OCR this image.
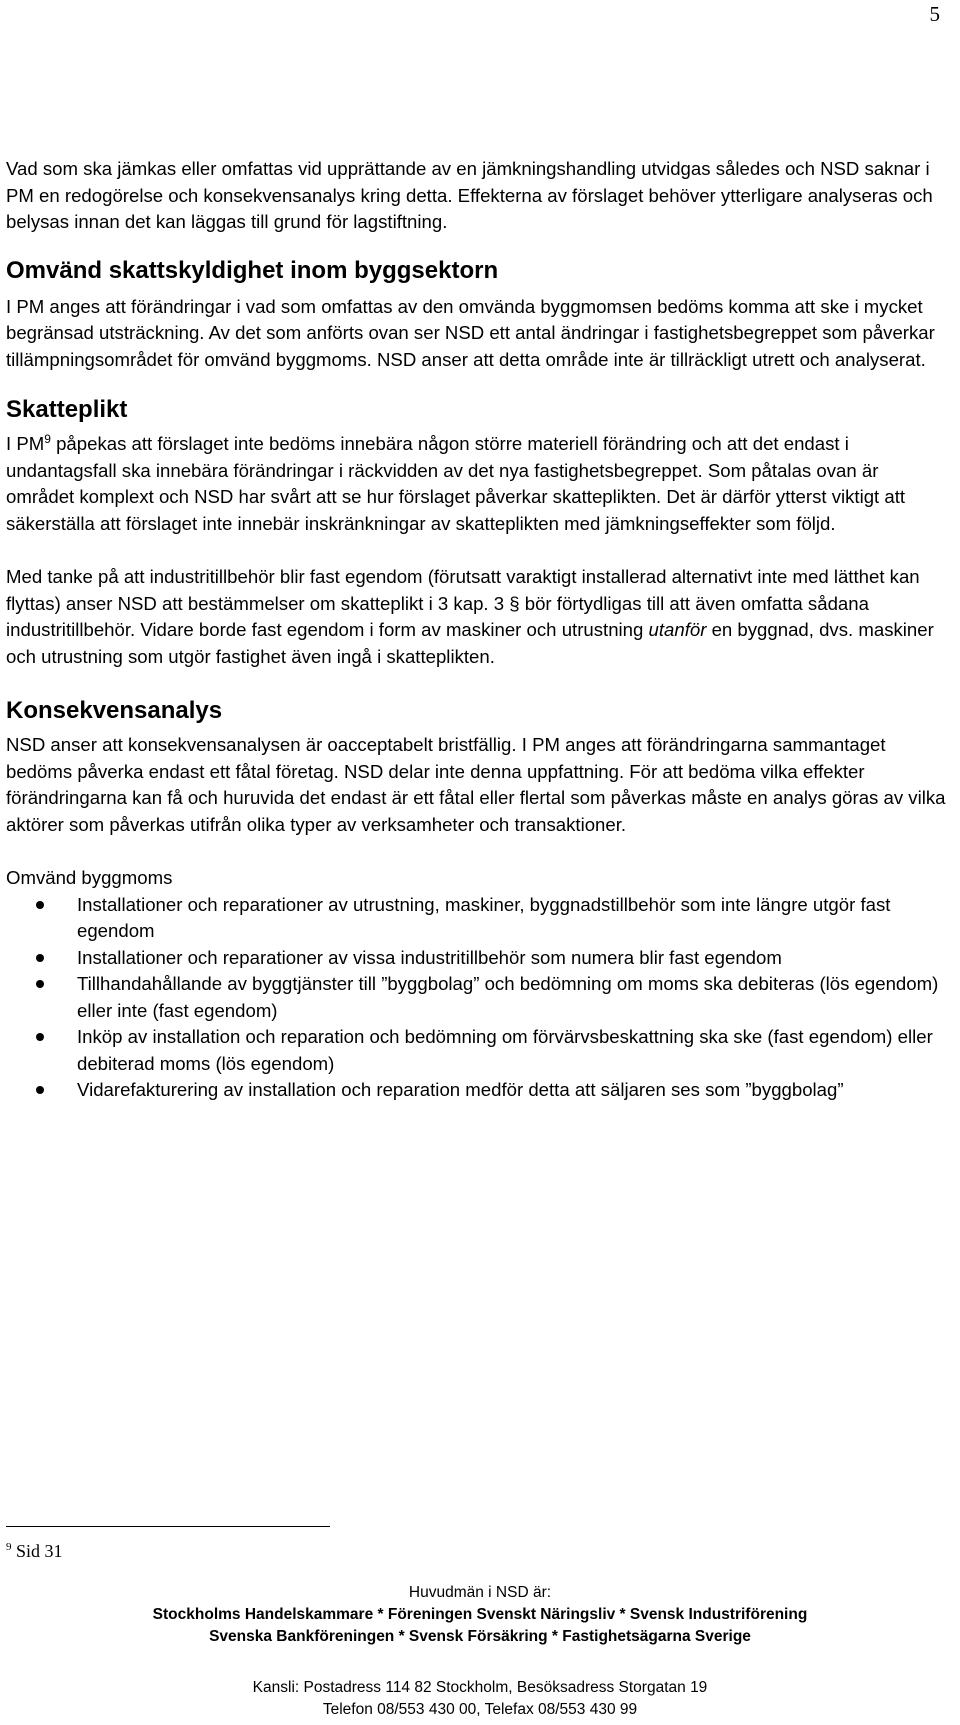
5

Vad som ska jämkas eller omfattas vid upprättande av en jämkningshandling utvidgas således och NSD saknar i PM en redogörelse och konsekvensanalys kring detta. Effekterna av förslaget behöver ytterligare analyseras och belysas innan det kan läggas till grund för lagstiftning.

Omvänd skattskyldighet inom byggsektorn

I PM anges att förändringar i vad som omfattas av den omvända byggmomsen bedöms komma att ske i mycket begränsad utsträckning. Av det som anförts ovan ser NSD ett antal ändringar i fastighetsbegreppet som påverkar tillämpningsområdet för omvänd byggmoms. NSD anser att detta område inte är tillräckligt utrett och analyserat.

Skatteplikt

I $PM^9$ påpekas att förslaget inte bedöms innebära någon större materiell förändring och att det endast i undantagsfall ska innebära förändringar i räckvidden av det nya fastighetsbegreppet. Som påtalas ovan är området komplext och NSD har svårt att se hur förslaget påverkar skatteplikten. Det är därför ytterst viktigt att säkerställa att förslaget inte innebär inskränkningar av skatteplikten med jämkningseffekter som följd.

Med tanke på att industritillbehör blir fast egendom (förutsatt varaktigt installerad alternativt inte med lätthet kan flyttas) anser NSD att bestämmelser om skatteplikt i 3 kap. 3 § bör förtydligas till att även omfatta sådana industritillbehör. Vidare borde fast egendom i form av maskiner och utrustning utanför en byggnad, dvs. maskiner och utrustning som utgör fastighet även ingå i skatteplikten.

Konsekvensanalys

NSD anser att konsekvensanalysen är oacceptabelt bristfällig. I PM anges att förändringarna sammantaget bedöms påverka endast ett fåtal företag. NSD delar inte denna uppfattning. För att bedöma vilka effekter förändringarna kan få och huruvida det endast är ett fåtal eller flertal som påverkas måste en analys göras av vilka aktörer som påverkas utifrån olika typer av verksamheter och transaktioner.

Omvänd byggmoms

Installationer och reparationer av utrustning, maskiner, byggnadstillbehör som inte längre utgör fast egendom
Installationer och reparationer av vissa industritillbehör som numera blir fast egendom
Tillhandahållande av byggtjänster till ”byggbolag” och bedömning om moms ska debiteras (lös egendom) eller inte (fast egendom)
Inköp av installation och reparation och bedömning om förvärvsbeskattning ska ske (fast egendom) eller debiterad moms (lös egendom)
Vidarefakturering av installation och reparation medför detta att säljaren ses som ”byggbolag”
$^9$ Sid 31
Huvudmän i NSD är:
Stockholms Handelskammare * Föreningen Svenskt Näringsliv * Svensk Industriförening
Svenska Bankföreningen * Svensk Försäkring * Fastighetsägarna Sverige
Kansli: Postadress 114 82 Stockholm, Besöksadress Storgatan 19
Telefon 08/553 430 00, Telefax 08/553 430 99
